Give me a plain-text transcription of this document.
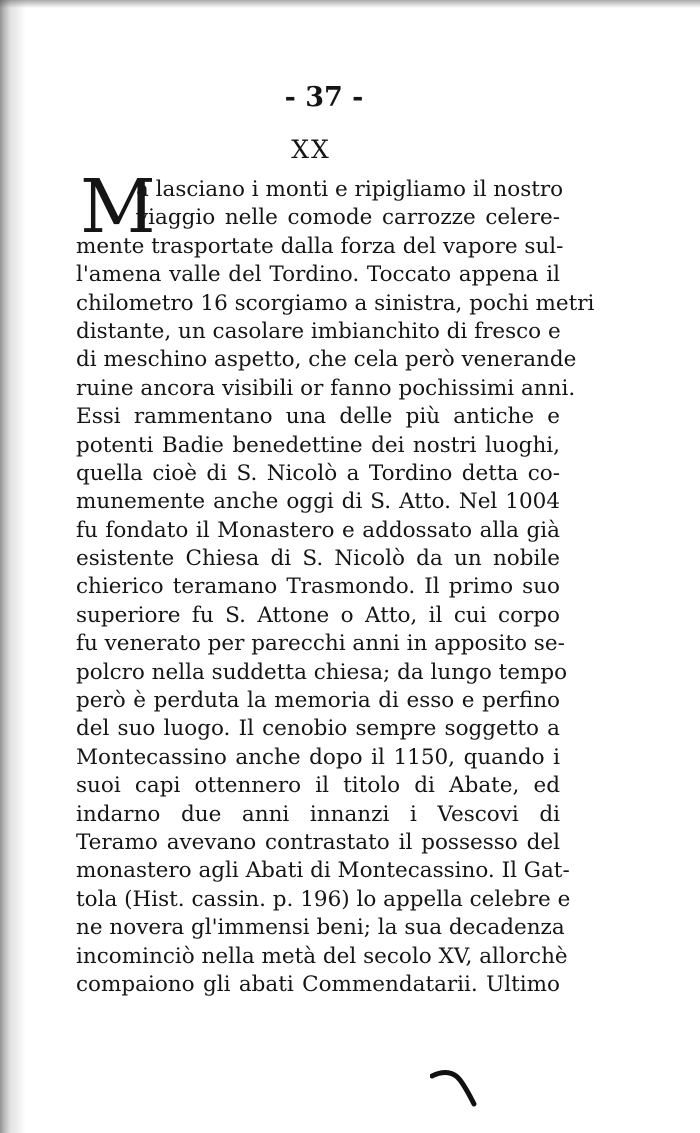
- 37 -
XX
M
a lasciano i monti e ripigliamo il nostro
viaggio nelle comode carrozze celere-
mente trasportate dalla forza del vapore sul-
l'amena valle del Tordino. Toccato appena il
chilometro 16 scorgiamo a sinistra, pochi metri
distante, un casolare imbianchito di fresco e
di meschino aspetto, che cela però venerande
ruine ancora visibili or fanno pochissimi anni.
Essi rammentano una delle più antiche e
potenti Badie benedettine dei nostri luoghi,
quella cioè di S. Nicolò a Tordino detta co-
munemente anche oggi di S. Atto. Nel 1004
fu fondato il Monastero e addossato alla già
esistente Chiesa di S. Nicolò da un nobile
chierico teramano Trasmondo. Il primo suo
superiore fu S. Attone o Atto, il cui corpo
fu venerato per parecchi anni in apposito se-
polcro nella suddetta chiesa; da lungo tempo
però è perduta la memoria di esso e perfino
del suo luogo. Il cenobio sempre soggetto a
Montecassino anche dopo il 1150, quando i
suoi capi ottennero il titolo di Abate, ed
indarno due anni innanzi i Vescovi di
Teramo avevano contrastato il possesso del
monastero agli Abati di Montecassino. Il Gat-
tola (Hist. cassin. p. 196) lo appella celebre e
ne novera gl'immensi beni; la sua decadenza
incominciò nella metà del secolo XV, allorchè
compaiono gli abati Commendatarii. Ultimo
